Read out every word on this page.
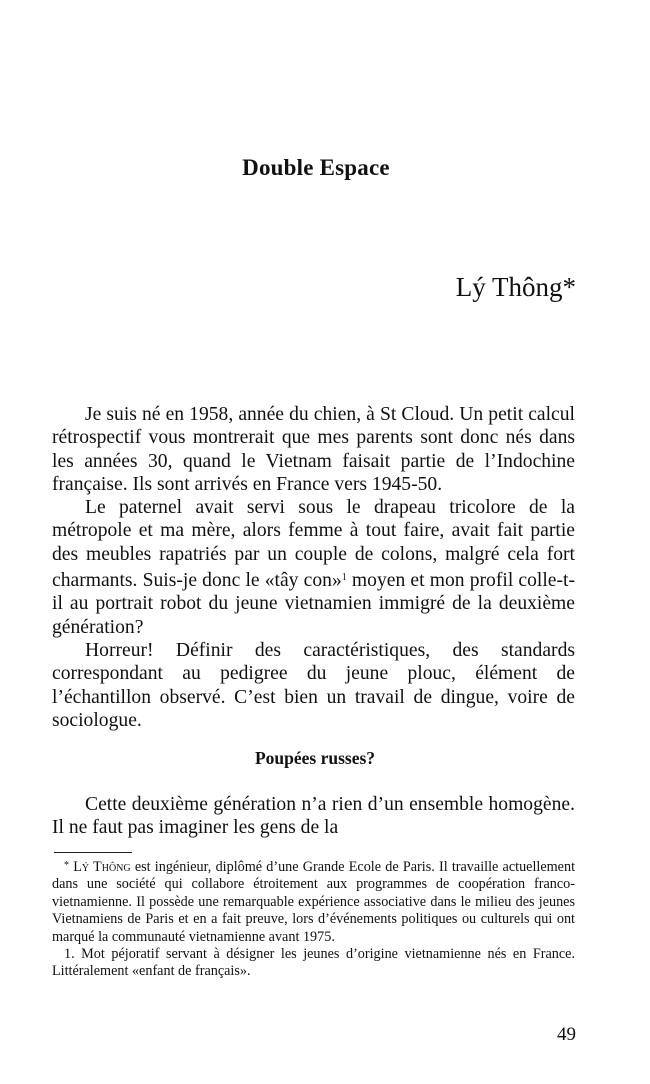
Double Espace
Lý Thông*

Je suis né en 1958, année du chien, à St Cloud. Un petit calcul rétrospectif vous montrerait que mes parents sont donc nés dans les années 30, quand le Vietnam faisait partie de l’Indochine française. Ils sont arrivés en France vers 1945-50.

Le paternel avait servi sous le drapeau tricolore de la métropole et ma mère, alors femme à tout faire, avait fait partie des meubles rapatriés par un couple de colons, malgré cela fort charmants. Suis-je donc le «tây con»$^1$ moyen et mon profil colle-t-il au portrait robot du jeune vietnamien immigré de la deuxième génération?

Horreur! Définir des caractéristiques, des standards correspondant au pedigree du jeune plouc, élément de l’échantillon observé. C’est bien un travail de dingue, voire de sociologue.

Poupées russes?

Cette deuxième génération n’a rien d’un ensemble homogène. Il ne faut pas imaginer les gens de la

* Lý Thông est ingénieur, diplômé d’une Grande Ecole de Paris. Il travaille actuellement dans une société qui collabore étroitement aux programmes de coopération franco-vietnamienne. Il possède une remarquable expérience associative dans le milieu des jeunes Vietnamiens de Paris et en a fait preuve, lors d’événements politiques ou culturels qui ont marqué la communauté vietnamienne avant 1975.

1. Mot péjoratif servant à désigner les jeunes d’origine vietnamienne nés en France. Littéralement «enfant de français».

49
